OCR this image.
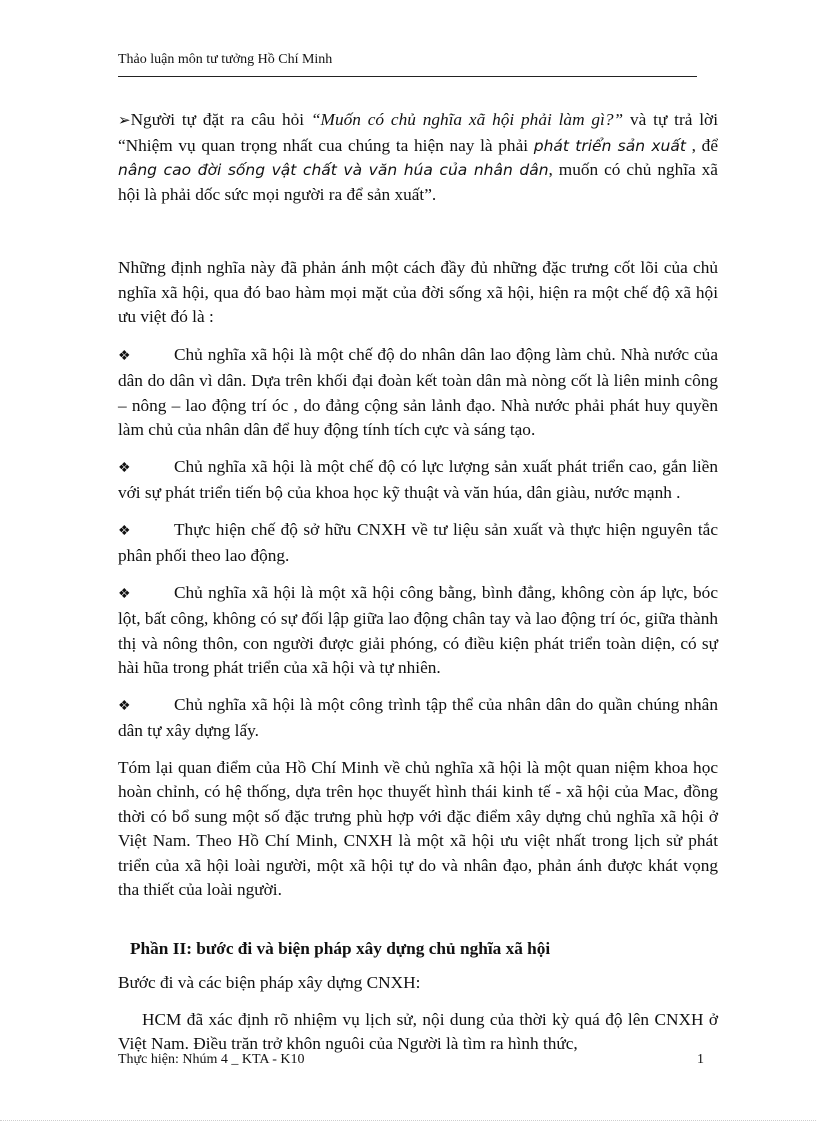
Thảo luận môn tư tưởng Hồ Chí Minh

➢Người tự đặt ra câu hỏi “Muốn có chủ nghĩa xã hội phải làm gì?” và tự trả lời “Nhiệm vụ quan trọng nhất cua chúng ta hiện nay là phải phát triển sản xuất , để nâng cao đời sống vật chất và văn húa của nhân dân, muốn có chủ nghĩa xã hội là phải dốc sức mọi người ra để sản xuất”.

Những định nghĩa này đã phản ánh một cách đầy đủ những đặc trưng cốt lõi của chủ nghĩa xã hội, qua đó bao hàm mọi mặt của đời sống xã hội, hiện ra một chế độ xã hội ưu việt đó là :

❖	Chủ nghĩa xã hội là một chế độ do nhân dân lao động làm chủ. Nhà nước của dân do dân vì dân. Dựa trên khối đại đoàn kết toàn dân mà nòng cốt là liên minh công – nông – lao động trí óc , do đảng cộng sản lảnh đạo. Nhà nước phải phát huy quyền làm chủ của nhân dân để huy động tính tích cực và sáng tạo.

❖	Chủ nghĩa xã hội là một chế độ có lực lượng sản xuất phát triển cao, gắn liền với sự phát triển tiến bộ của khoa học kỹ thuật và văn húa, dân giàu, nước mạnh .

❖	Thực hiện chế độ sở hữu CNXH về tư liệu sản xuất và thực hiện nguyên tắc phân phối theo lao động.

❖	Chủ nghĩa xã hội là một xã hội công bằng, bình đẳng, không còn áp lực, bóc lột, bất công, không có sự đối lập giữa lao động chân tay và lao động trí óc, giữa thành thị và nông thôn, con người được giải phóng, có điều kiện phát triển toàn diện, có sự hài hũa trong phát triển của xã hội và tự nhiên.

❖	Chủ nghĩa xã hội là một công trình tập thể của nhân dân do quần chúng nhân dân tự xây dựng lấy.

Tóm lại quan điểm của Hồ Chí Minh về chủ nghĩa xã hội là một quan niệm khoa học hoàn chỉnh, có hệ thống, dựa trên học thuyết hình thái kinh tế - xã hội của Mac, đồng thời có bổ sung một số đặc trưng phù hợp với đặc điểm xây dựng chủ nghĩa xã hội ở Việt Nam. Theo Hồ Chí Minh, CNXH là một xã hội ưu việt nhất trong lịch sử phát triển của xã hội loài người, một xã hội tự do và nhân đạo, phản ánh được khát vọng tha thiết của loài người.

Phần II: bước đi và biện pháp xây dựng chủ nghĩa xã hội

Bước đi và các biện pháp xây dựng CNXH:

HCM đã xác định rõ nhiệm vụ lịch sử, nội dung của thời kỳ quá độ lên CNXH ở Việt Nam. Điều trăn trở khôn nguôi của Người là tìm ra hình thức,

Thực hiện: Nhúm 4 _ KTA - K10	1
